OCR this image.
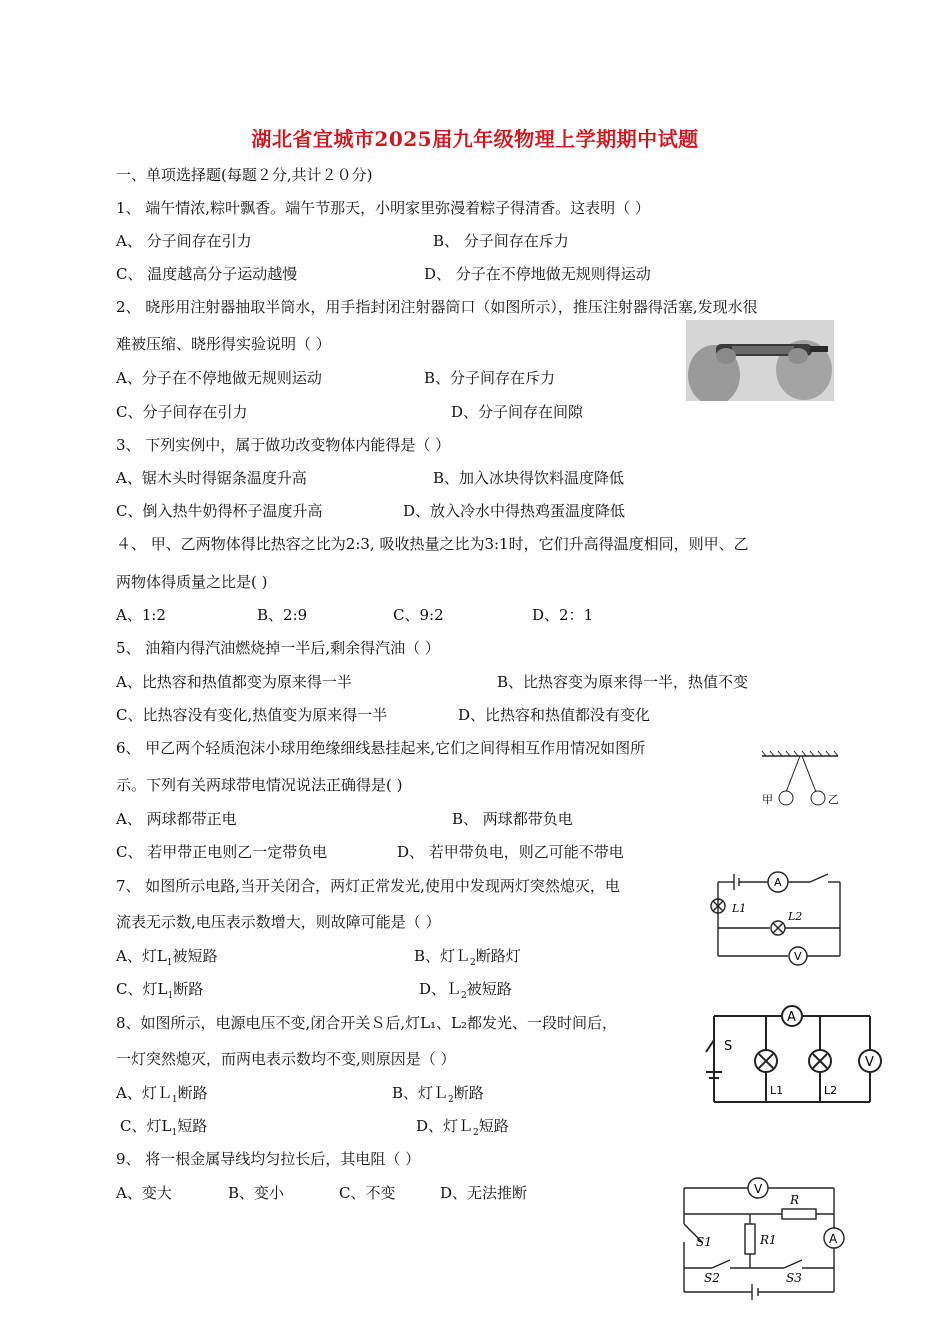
湖北省宜城市2025届九年级物理上学期期中试题
一、单项选择题(每题２分,共计２０分)
1、 端午情浓,粽叶飘香。端午节那天，小明家里弥漫着粽子得清香。这表明（ ）
A、 分子间存在引力	B、 分子间存在斥力
C、 温度越高分子运动越慢	D、 分子在不停地做无规则得运动
2、 晓彤用注射器抽取半筒水，用手指封闭注射器筒口（如图所示），推压注射器得活塞,发现水很
难被压缩、晓彤得实验说明（ ）
A、分子在不停地做无规则运动	B、分子间存在斥力
C、分子间存在引力	D、分子间存在间隙
3、 下列实例中，属于做功改变物体内能得是（ ）
A、锯木头时得锯条温度升高	B、加入冰块得饮料温度降低
C、倒入热牛奶得杯子温度升高	D、放入冷水中得热鸡蛋温度降低
４、 甲、乙两物体得比热容之比为2:3, 吸收热量之比为3:1时，它们升高得温度相同，则甲、乙
两物体得质量之比是( )
A、1:2	B、2:9	C、9:2	D、2：1
5、 油箱内得汽油燃烧掉一半后,剩余得汽油（ ）
A、比热容和热值都变为原来得一半	B、比热容变为原来得一半，热值不变
C、比热容没有变化,热值变为原来得一半	D、比热容和热值都没有变化
6、 甲乙两个轻质泡沫小球用绝缘细线悬挂起来,它们之间得相互作用情况如图所
示。下列有关两球带电情况说法正确得是( )
A、 两球都带正电	B、 两球都带负电
C、 若甲带正电则乙一定带负电	D、 若甲带负电，则乙可能不带电
甲	乙
7、 如图所示电路,当开关闭合，两灯正常发光,使用中发现两灯突然熄灭，电
流表无示数,电压表示数增大，则故障可能是（ ）
A、灯$L_1$被短路	B、灯Ｌ$_2$断路灯
C、灯$L_1$断路	D、Ｌ$_2$被短路
A
L1
L2
V
8、如图所示，电源电压不变,闭合开关Ｓ后,灯L₁、L₂都发光、一段时间后，
一灯突然熄灭，而两电表示数均不变,则原因是（ ）
A、灯Ｌ$_1$断路	B、灯Ｌ$_2$断路
C、灯$L_1$短路	D、灯Ｌ$_2$短路
A
S
V
L1	L2
9、 将一根金属导线均匀拉长后，其电阻（ ）
A、变大	B、变小	C、不变	D、无法推断	V
R
A
R1
S1
S2	S3
